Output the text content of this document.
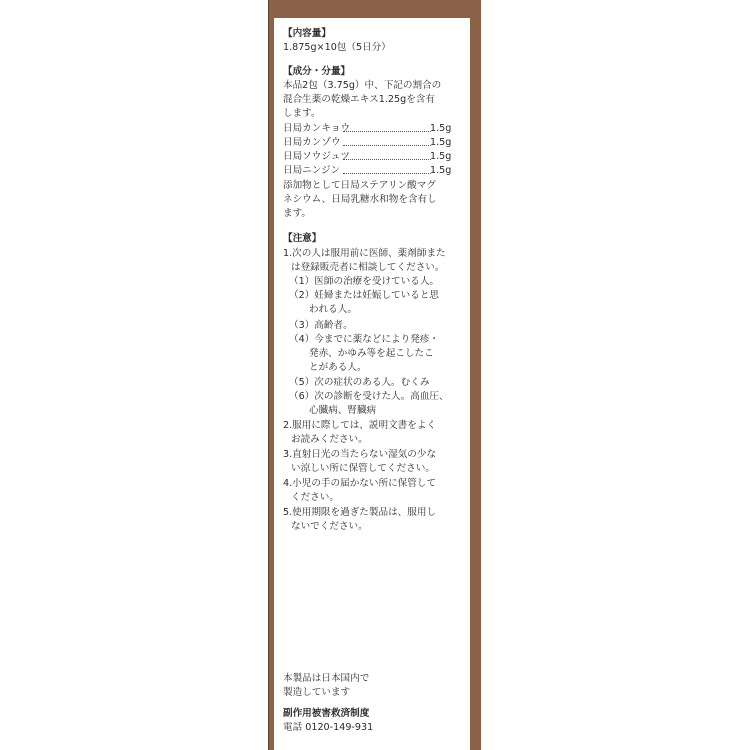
【内容量】
1.875g×10包（5日分）
【成分・分量】
本品2包（3.75g）中、下記の割合の
混合生薬の乾燥エキス1.25gを含有
します。
日局カンキョウ	1.5g
日局カンゾウ	1.5g
日局ソウジュツ	1.5g
日局ニンジン	1.5g
添加物として日局ステアリン酸マグ
ネシウム、日局乳糖水和物を含有し
ます。
【注意】
1.次の人は服用前に医師、薬剤師また
は登録販売者に相談してください。
（1）医師の治療を受けている人。
（2）妊婦または妊娠していると思
われる人。
（3）高齢者。
（4）今までに薬などにより発疹・
発赤、かゆみ等を起こしたこ
とがある人。
（5）次の症状のある人。むくみ
（6）次の診断を受けた人。高血圧、
心臓病、腎臓病
2.服用に際しては、説明文書をよく
お読みください。
3.直射日光の当たらない湿気の少な
い涼しい所に保管してください。
4.小児の手の届かない所に保管して
ください。
5.使用期限を過ぎた製品は、服用し
ないでください。
本製品は日本国内で
製造しています
副作用被害救済制度
電話 0120-149-931
